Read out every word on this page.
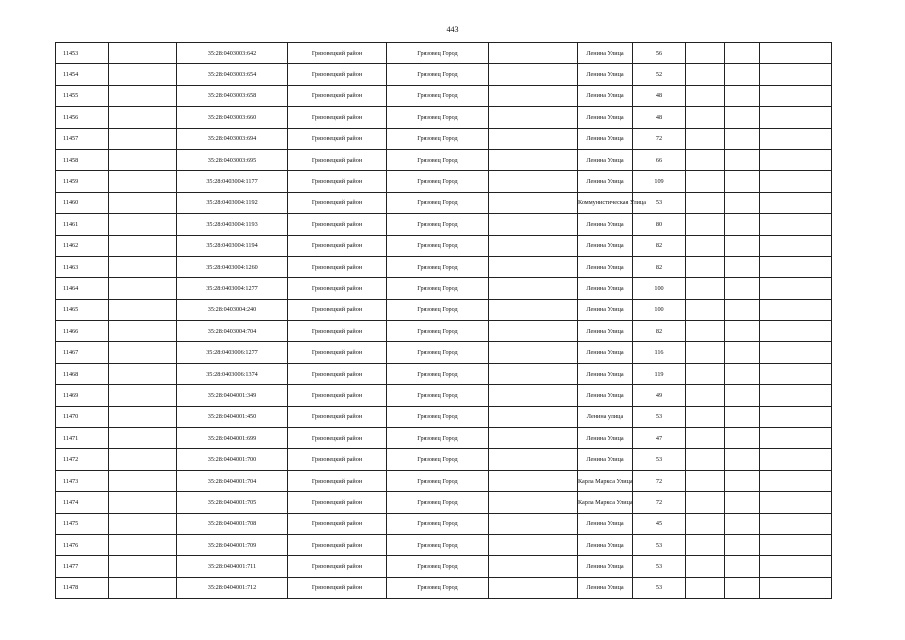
443
11453		35:28:0403003:642	Грязовецкий район	Грязовец Город		Ленина Улица	56			
11454		35:28:0403003:654	Грязовецкий район	Грязовец Город		Ленина Улица	52			
11455		35:28:0403003:658	Грязовецкий район	Грязовец Город		Ленина Улица	48			
11456		35:28:0403003:660	Грязовецкий район	Грязовец Город		Ленина Улица	48			
11457		35:28:0403003:694	Грязовецкий район	Грязовец Город		Ленина Улица	72			
11458		35:28:0403003:695	Грязовецкий район	Грязовец Город		Ленина Улица	66			
11459		35:28:0403004:1177	Грязовецкий район	Грязовец Город		Ленина Улица	109			
11460		35:28:0403004:1192	Грязовецкий район	Грязовец Город		Коммунистическая Улица	53			
11461		35:28:0403004:1193	Грязовецкий район	Грязовец Город		Ленина Улица	80			
11462		35:28:0403004:1194	Грязовецкий район	Грязовец Город		Ленина Улица	82			
11463		35:28:0403004:1260	Грязовецкий район	Грязовец Город		Ленина Улица	82			
11464		35:28:0403004:1277	Грязовецкий район	Грязовец Город		Ленина Улица	100			
11465		35:28:0403004:240	Грязовецкий район	Грязовец Город		Ленина Улица	100			
11466		35:28:0403004:704	Грязовецкий район	Грязовец Город		Ленина Улица	82			
11467		35:28:0403006:1277	Грязовецкий район	Грязовец Город		Ленина Улица	116			
11468		35:28:0403006:1374	Грязовецкий район	Грязовец Город		Ленина Улица	119			
11469		35:28:0404001:349	Грязовецкий район	Грязовец Город		Ленина Улица	49			
11470		35:28:0404001:450	Грязовецкий район	Грязовец Город		Ленина улица	53			
11471		35:28:0404001:699	Грязовецкий район	Грязовец Город		Ленина Улица	47			
11472		35:28:0404001:700	Грязовецкий район	Грязовец Город		Ленина Улица	53			
11473		35:28:0404001:704	Грязовецкий район	Грязовец Город		Карла Маркса Улица	72			
11474		35:28:0404001:705	Грязовецкий район	Грязовец Город		Карла Маркса Улица	72			
11475		35:28:0404001:708	Грязовецкий район	Грязовец Город		Ленина Улица	45			
11476		35:28:0404001:709	Грязовецкий район	Грязовец Город		Ленина Улица	53			
11477		35:28:0404001:711	Грязовецкий район	Грязовец Город		Ленина Улица	53			
11478		35:28:0404001:712	Грязовецкий район	Грязовец Город		Ленина Улица	53			
